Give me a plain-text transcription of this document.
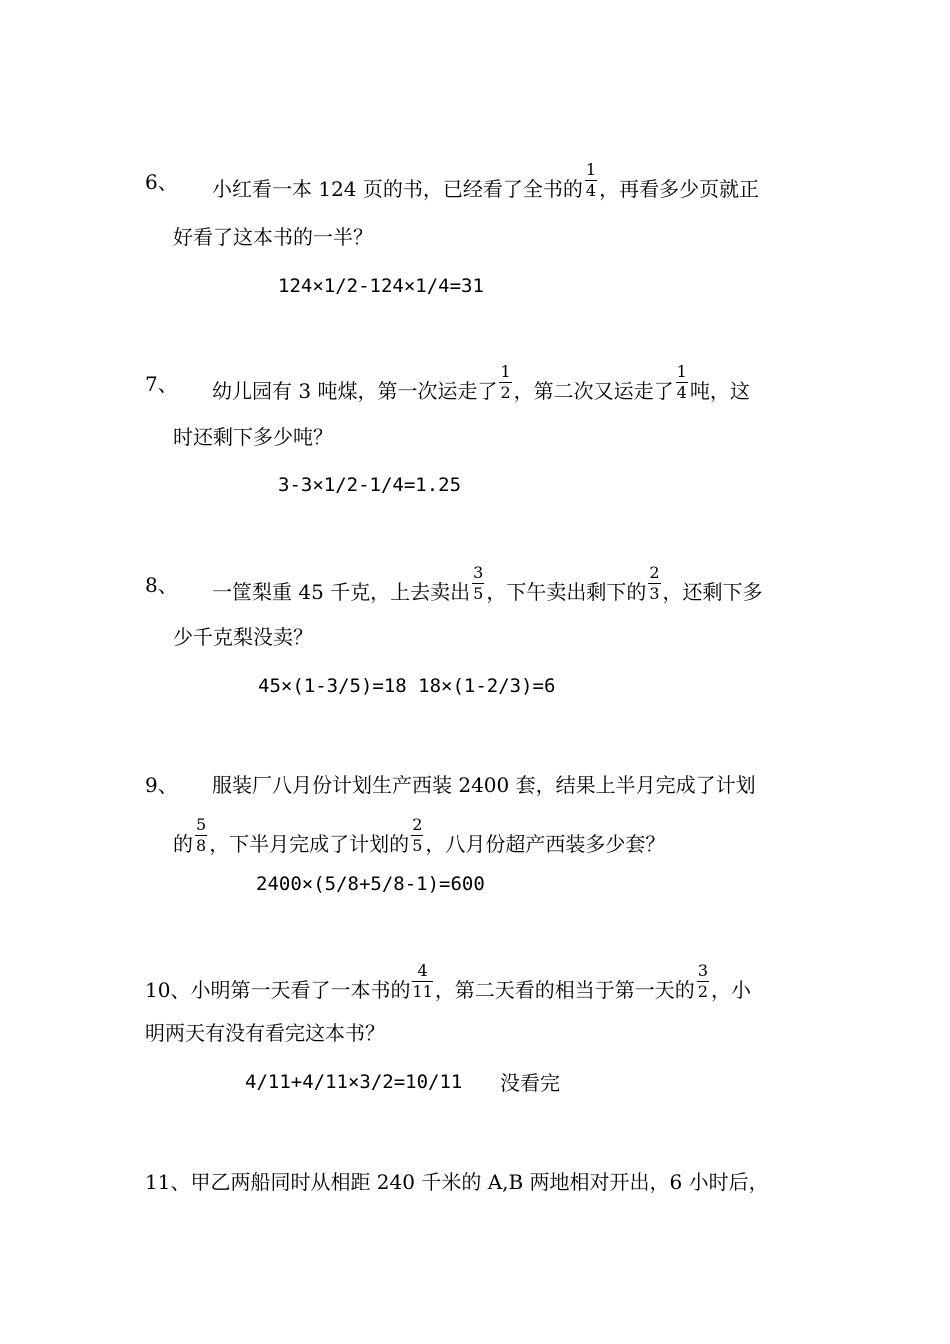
6、 小红看一本 124 页的书，已经看了全书的 $\frac{1}{4}$ ，再看多少页就正
好看了这本书的一半？
124×1/2-124×1/4=31
7、 幼儿园有 3 吨煤，第一次运走了 $\frac{1}{2}$ ，第二次又运走了 $\frac{1}{4}$ 吨，这
时还剩下多少吨？
3-3×1/2-1/4=1.25
8、 一筐梨重 45 千克，上去卖出 $\frac{3}{5}$ ，下午卖出剩下的 $\frac{2}{3}$ ，还剩下多
少千克梨没卖？
45×(1-3/5)=18 18×(1-2/3)=6
9、 服装厂八月份计划生产西装 2400 套，结果上半月完成了计划
的 $\frac{5}{8}$ ，下半月完成了计划的 $\frac{2}{5}$ ，八月份超产西装多少套？
2400×(5/8+5/8-1)=600
10、小明第一天看了一本书的 $\frac{4}{11}$ ，第二天看的相当于第一天的 $\frac{3}{2}$ ，小
明两天有没有看完这本书？
4/11+4/11×3/2=10/11 没看完
11、甲乙两船同时从相距 240 千米的 A,B 两地相对开出，6 小时后，
